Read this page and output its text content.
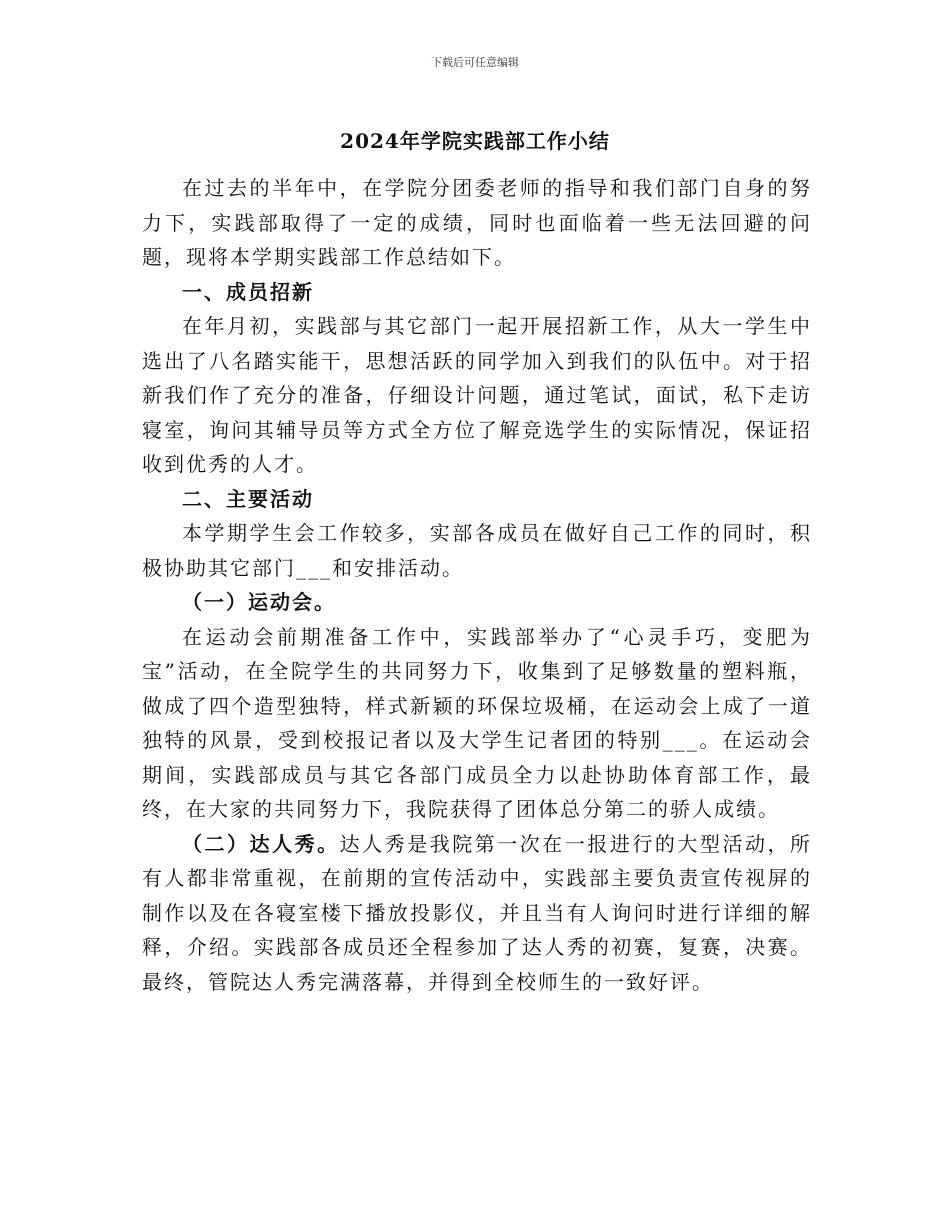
下载后可任意编辑
2024年学院实践部工作小结

在过去的半年中，在学院分团委老师的指导和我们部门自身的努力下，实践部取得了一定的成绩，同时也面临着一些无法回避的问题，现将本学期实践部工作总结如下。

一、成员招新

在年月初，实践部与其它部门一起开展招新工作，从大一学生中选出了八名踏实能干，思想活跃的同学加入到我们的队伍中。对于招新我们作了充分的准备，仔细设计问题，通过笔试，面试，私下走访寝室，询问其辅导员等方式全方位了解竞选学生的实际情况，保证招收到优秀的人才。

二、主要活动

本学期学生会工作较多，实部各成员在做好自己工作的同时，积极协助其它部门___和安排活动。

（一）运动会。

在运动会前期准备工作中，实践部举办了“心灵手巧，变肥为宝”活动，在全院学生的共同努力下，收集到了足够数量的塑料瓶，做成了四个造型独特，样式新颖的环保垃圾桶，在运动会上成了一道独特的风景，受到校报记者以及大学生记者团的特别___。在运动会期间，实践部成员与其它各部门成员全力以赴协助体育部工作，最终，在大家的共同努力下，我院获得了团体总分第二的骄人成绩。

（二）达人秀。达人秀是我院第一次在一报进行的大型活动，所有人都非常重视，在前期的宣传活动中，实践部主要负责宣传视屏的制作以及在各寝室楼下播放投影仪，并且当有人询问时进行详细的解释，介绍。实践部各成员还全程参加了达人秀的初赛，复赛，决赛。最终，管院达人秀完满落幕，并得到全校师生的一致好评。
